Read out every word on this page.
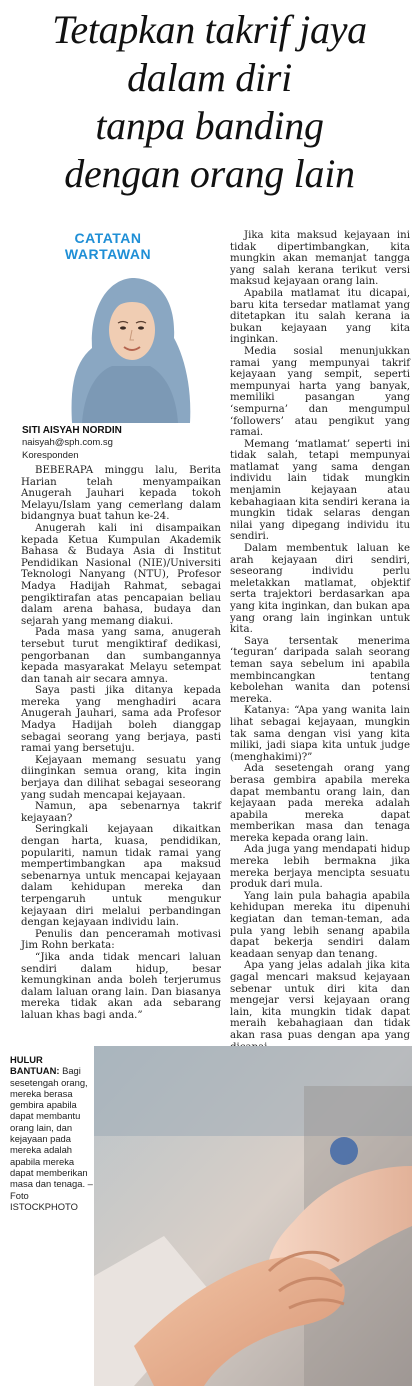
Tetapkan takrif jaya
dalam diri
tanpa banding
dengan orang lain
CATATAN
WARTAWAN
SITI AISYAH NORDIN
naisyah@sph.com.sg
Koresponden

BEBERAPA minggu lalu, Berita Harian telah menyampaikan Anugerah Jauhari kepada tokoh Melayu/Islam yang cemerlang dalam bidangnya buat tahun ke-24.

Anugerah kali ini disampaikan kepada Ketua Kumpulan Akademik Bahasa & Budaya Asia di Institut Pendidikan Nasional (NIE)/Universiti Teknologi Nanyang (NTU), Profesor Madya Hadijah Rahmat, sebagai pengiktirafan atas pencapaian beliau dalam arena bahasa, budaya dan sejarah yang memang diakui.

Pada masa yang sama, anugerah tersebut turut mengiktiraf dedikasi, pengorbanan dan sumbangannya kepada masyarakat Melayu setempat dan tanah air secara amnya.

Saya pasti jika ditanya kepada mereka yang menghadiri acara Anugerah Jauhari, sama ada Profesor Madya Hadijah boleh dianggap sebagai seorang yang berjaya, pasti ramai yang bersetuju.

Kejayaan memang sesuatu yang diinginkan semua orang, kita ingin berjaya dan dilihat sebagai seseorang yang sudah mencapai kejayaan.

Namun, apa sebenarnya takrif kejayaan?

Seringkali kejayaan dikaitkan dengan harta, kuasa, pendidikan, populariti, namun tidak ramai yang mempertimbangkan apa maksud sebenarnya untuk mencapai kejayaan dalam kehidupan mereka dan terpengaruh untuk mengukur kejayaan diri melalui perbandingan dengan kejayaan individu lain.

Penulis dan penceramah motivasi Jim Rohn berkata:

“Jika anda tidak mencari laluan sendiri dalam hidup, besar kemungkinan anda boleh terjerumus dalam laluan orang lain. Dan biasanya mereka tidak akan ada sebarang laluan khas bagi anda.”

Jika kita maksud kejayaan ini tidak dipertimbangkan, kita mungkin akan memanjat tangga yang salah kerana terikut versi maksud kejayaan orang lain.

Apabila matlamat itu dicapai, baru kita tersedar matlamat yang ditetapkan itu salah kerana ia bukan kejayaan yang kita inginkan.

Media sosial menunjukkan ramai yang mempunyai takrif kejayaan yang sempit, seperti mempunyai harta yang banyak, memiliki pasangan yang ‘sempurna’ dan mengumpul ‘followers’ atau pengikut yang ramai.

Memang ‘matlamat’ seperti ini tidak salah, tetapi mempunyai matlamat yang sama dengan individu lain tidak mungkin menjamin kejayaan atau kebahagiaan kita sendiri kerana ia mungkin tidak selaras dengan nilai yang dipegang individu itu sendiri.

Dalam membentuk laluan ke arah kejayaan diri sendiri, seseorang individu perlu meletakkan matlamat, objektif serta trajektori berdasarkan apa yang kita inginkan, dan bukan apa yang orang lain inginkan untuk kita.

Saya tersentak menerima ‘teguran’ daripada salah seorang teman saya sebelum ini apabila membincangkan tentang kebolehan wanita dan potensi mereka.

Katanya: “Apa yang wanita lain lihat sebagai kejayaan, mungkin tak sama dengan visi yang kita miliki, jadi siapa kita untuk judge (menghakimi)?”

Ada sesetengah orang yang berasa gembira apabila mereka dapat membantu orang lain, dan kejayaan pada mereka adalah apabila mereka dapat memberikan masa dan tenaga mereka kepada orang lain.

Ada juga yang mendapati hidup mereka lebih bermakna jika mereka berjaya mencipta sesuatu produk dari mula.

Yang lain pula bahagia apabila kehidupan mereka itu dipenuhi kegiatan dan teman-teman, ada pula yang lebih senang apabila dapat bekerja sendiri dalam keadaan senyap dan tenang.

Apa yang jelas adalah jika kita gagal mencari maksud kejayaan sebenar untuk diri kita dan mengejar versi kejayaan orang lain, kita mungkin tidak dapat meraih kebahagiaan dan tidak akan rasa puas dengan apa yang

HULUR BANTUAN: Bagi sesetengah orang, mereka berasa gembira apabila dapat membantu orang lain, dan kejayaan pada mereka adalah apabila mereka dapat memberikan masa dan tenaga. – Foto ISTOCKPHOTO
